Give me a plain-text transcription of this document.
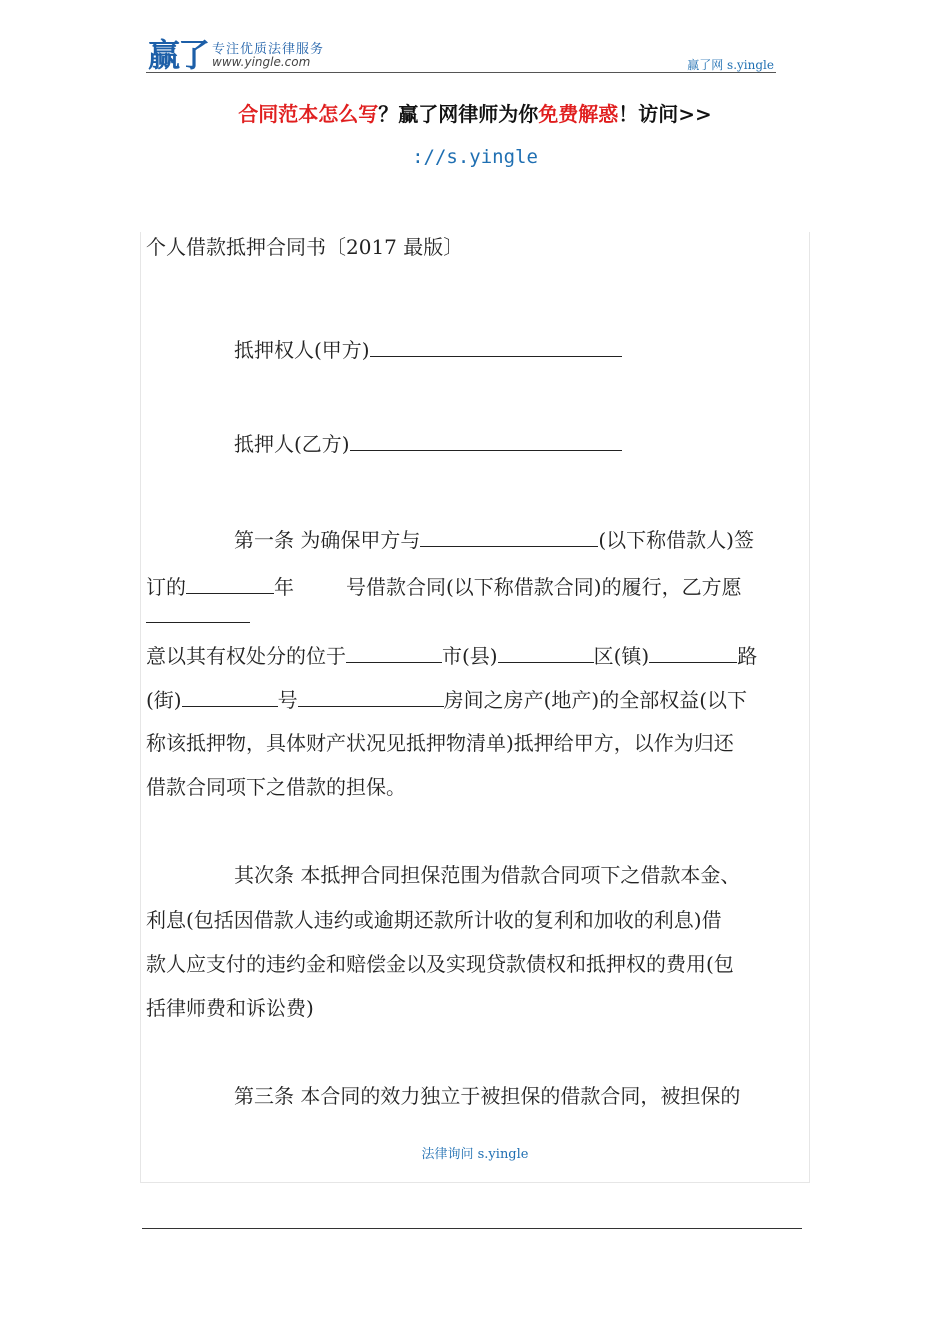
赢了 专注优质法律服务
www.yingle.com	赢了网 s.yingle
合同范本怎么写？赢了网律师为你免费解惑！访问>>
://s.yingle
个人借款抵押合同书〔2017 最版〕
抵押权人(甲方)
抵押人(乙方)
第一条 为确保甲方与	(以下称借款人)签
订的	年	号借款合同(以下称借款合同)的履行，乙方愿
意以其有权处分的位于	市(县)	区(镇)	路
(街)	号	房间之房产(地产)的全部权益(以下
称该抵押物，具体财产状况见抵押物清单)抵押给甲方，以作为归还
借款合同项下之借款的担保。
其次条 本抵押合同担保范围为借款合同项下之借款本金、
利息(包括因借款人违约或逾期还款所计收的复利和加收的利息)借
款人应支付的违约金和赔偿金以及实现贷款债权和抵押权的费用(包
括律师费和诉讼费)
第三条 本合同的效力独立于被担保的借款合同，被担保的
法律询问 s.yingle
